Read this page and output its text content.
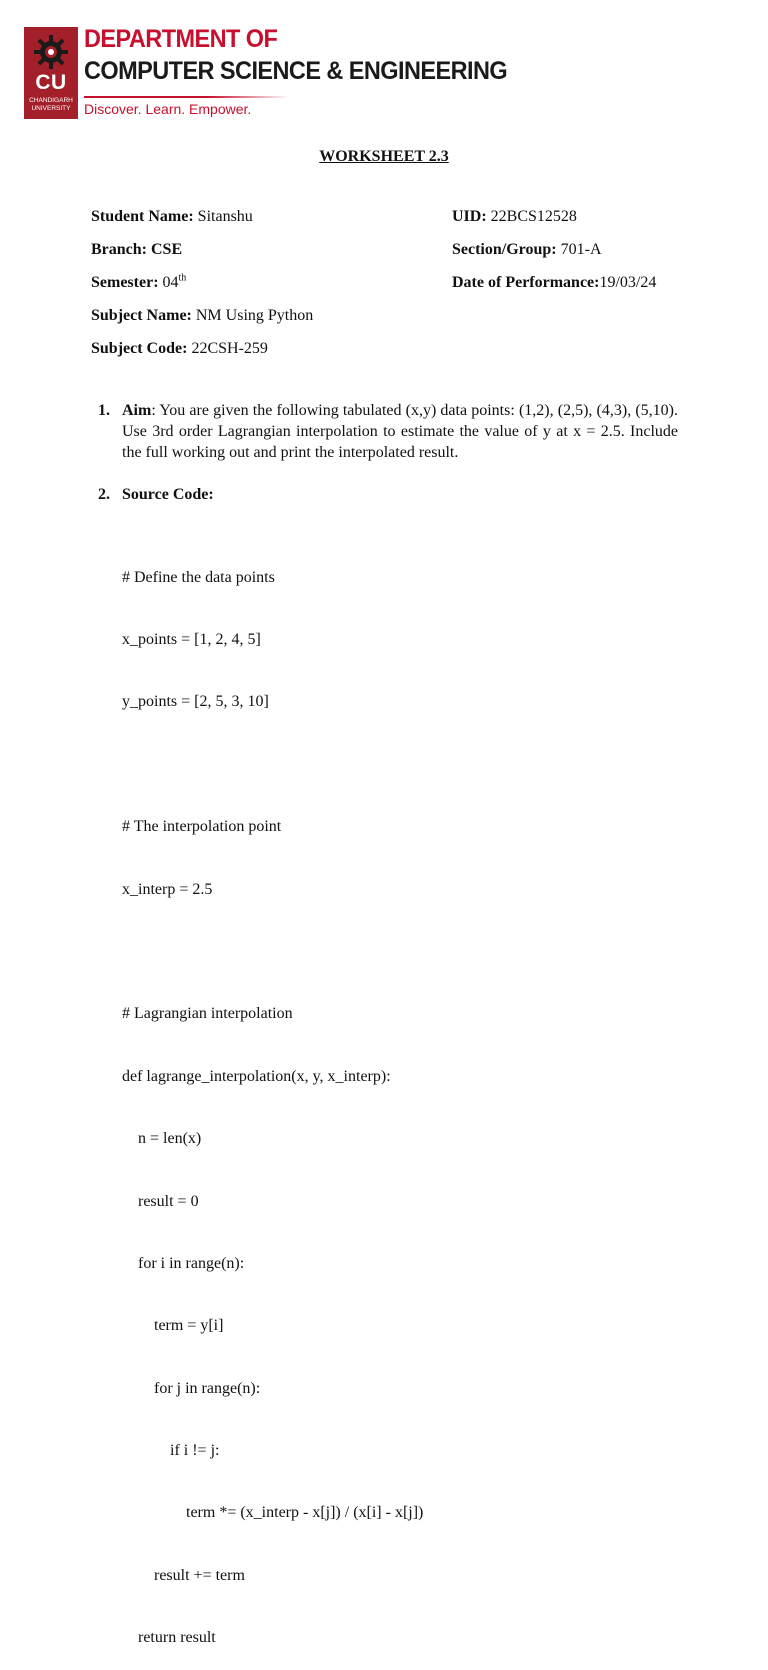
CU
CHANDIGARH UNIVERSITY
DEPARTMENT OF
COMPUTER SCIENCE & ENGINEERING
Discover. Learn. Empower.
WORKSHEET 2.3
Student Name: Sitanshu	UID: 22BCS12528
Branch: CSE	Section/Group: 701-A
Semester: 04th	Date of Performance:19/03/24
Subject Name: NM Using Python
Subject Code: 22CSH-259
1. Aim: You are given the following tabulated (x,y) data points: (1,2), (2,5), (4,3), (5,10). Use 3rd order Lagrangian interpolation to estimate the value of y at x = 2.5. Include the full working out and print the interpolated result.
2. Source Code:

# Define the data points

x_points = [1, 2, 4, 5]

y_points = [2, 5, 3, 10]

# The interpolation point

x_interp = 2.5

# Lagrangian interpolation

def lagrange_interpolation(x, y, x_interp):

n = len(x)

result = 0

for i in range(n):

term = y[i]

for j in range(n):

if i != j:

term *= (x_interp - x[j]) / (x[i] - x[j])

result += term

return result
